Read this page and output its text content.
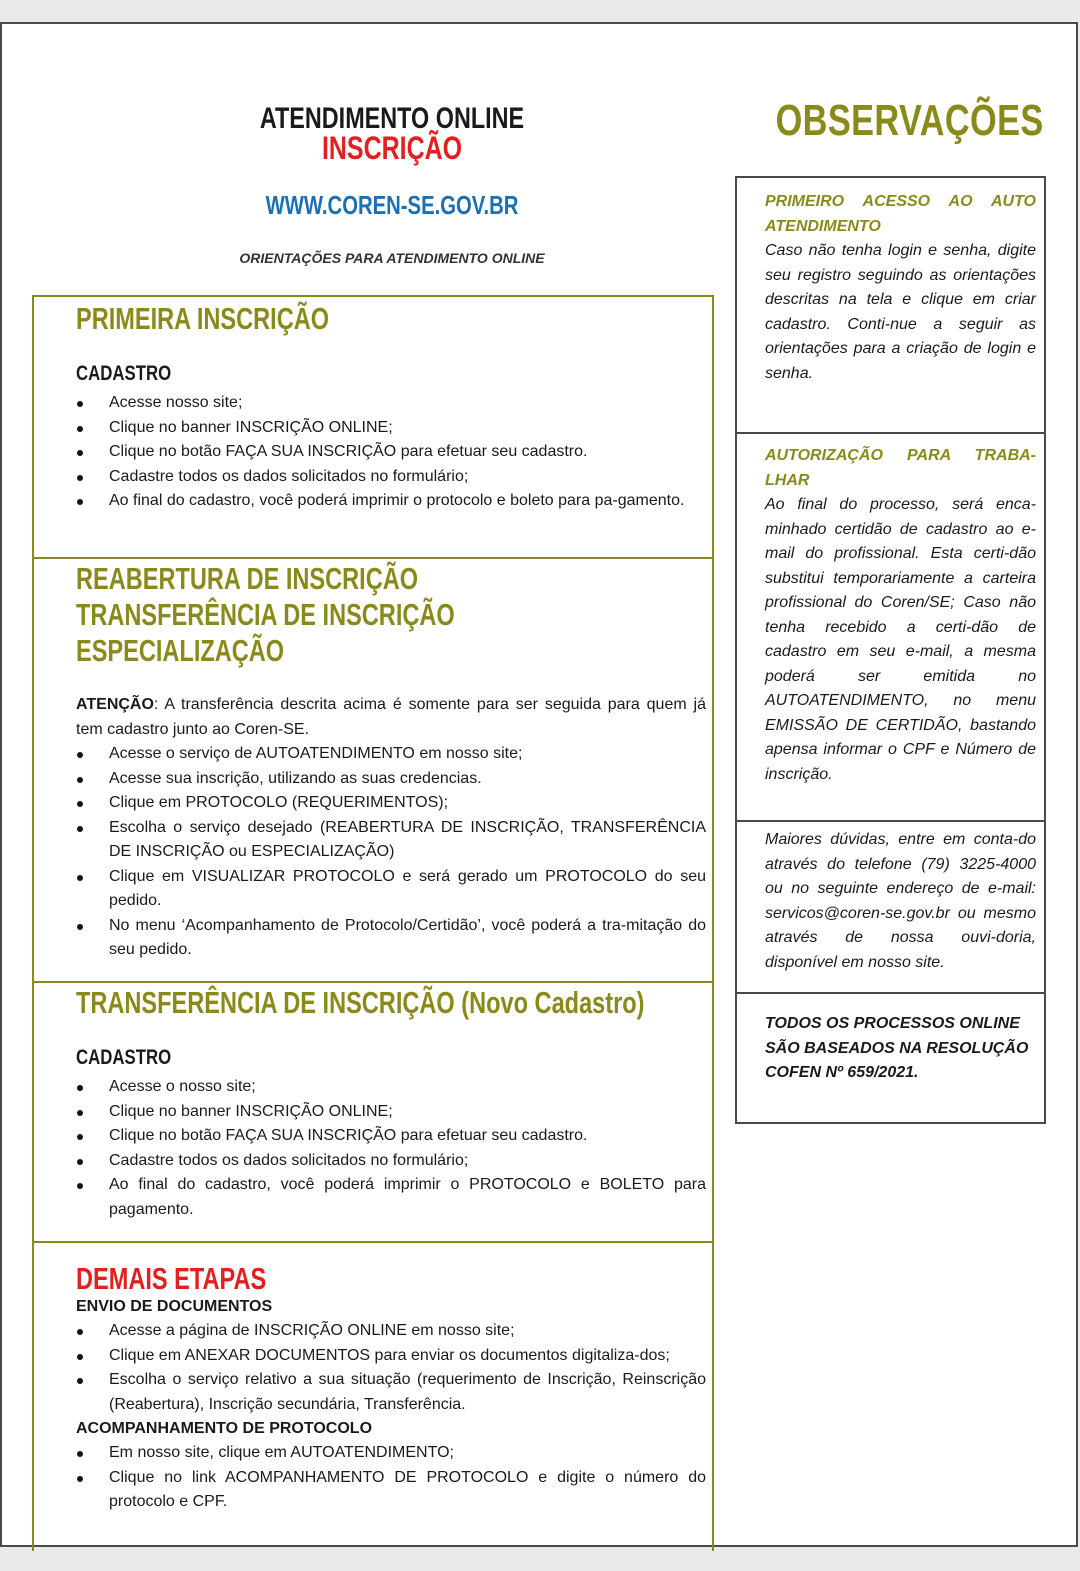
ATENDIMENTO ONLINE
INSCRIÇÃO
WWW.COREN-SE.GOV.BR
ORIENTAÇÕES PARA ATENDIMENTO ONLINE
OBSERVAÇÕES
PRIMEIRA INSCRIÇÃO
CADASTRO
Acesse nosso site;
Clique no banner INSCRIÇÃO ONLINE;
Clique no botão FAÇA SUA INSCRIÇÃO para efetuar seu cadastro.
Cadastre todos os dados solicitados no formulário;
Ao final do cadastro, você poderá imprimir o protocolo e boleto para pa-gamento.
REABERTURA DE INSCRIÇÃO
TRANSFERÊNCIA DE INSCRIÇÃO
ESPECIALIZAÇÃO
ATENÇÃO: A transferência descrita acima é somente para ser seguida para quem já tem cadastro junto ao Coren-SE.
Acesse o serviço de AUTOATENDIMENTO em nosso site;
Acesse sua inscrição, utilizando as suas credencias.
Clique em PROTOCOLO (REQUERIMENTOS);
Escolha o serviço desejado (REABERTURA DE INSCRIÇÃO, TRANSFERÊNCIA DE INSCRIÇÃO ou ESPECIALIZAÇÃO)
Clique em VISUALIZAR PROTOCOLO e será gerado um PROTOCOLO do seu pedido.
No menu ‘Acompanhamento de Protocolo/Certidão’, você poderá a tra-mitação do seu pedido.
TRANSFERÊNCIA DE INSCRIÇÃO (Novo Cadastro)
CADASTRO
Acesse o nosso site;
Clique no banner INSCRIÇÃO ONLINE;
Clique no botão FAÇA SUA INSCRIÇÃO para efetuar seu cadastro.
Cadastre todos os dados solicitados no formulário;
Ao final do cadastro, você poderá imprimir o PROTOCOLO e BOLETO para pagamento.
DEMAIS ETAPAS
ENVIO DE DOCUMENTOS
Acesse a página de INSCRIÇÃO ONLINE em nosso site;
Clique em ANEXAR DOCUMENTOS para enviar os documentos digitaliza-dos;
Escolha o serviço relativo a sua situação (requerimento de Inscrição, Reinscrição (Reabertura), Inscrição secundária, Transferência.
ACOMPANHAMENTO DE PROTOCOLO
Em nosso site, clique em AUTOATENDIMENTO;
Clique no link ACOMPANHAMENTO DE PROTOCOLO e digite o número do protocolo e CPF.
PRIMEIRO ACESSO AO AUTO ATENDIMENTO
Caso não tenha login e senha, digite seu registro seguindo as orientações descritas na tela e clique em criar cadastro. Conti-nue a seguir as orientações para a criação de login e senha.
AUTORIZAÇÃO PARA TRABA-LHAR
Ao final do processo, será enca-minhado certidão de cadastro ao e-mail do profissional. Esta certi-dão substitui temporariamente a carteira profissional do Coren/SE; Caso não tenha recebido a certi-dão de cadastro em seu e-mail, a mesma poderá ser emitida no AUTOATENDIMENTO, no menu EMISSÃO DE CERTIDÃO, bastando apensa informar o CPF e Número de inscrição.
Maiores dúvidas, entre em conta-do através do telefone (79) 3225-4000 ou no seguinte endereço de e-mail: servicos@coren-se.gov.br ou mesmo através de nossa ouvi-doria, disponível em nosso site.
TODOS OS PROCESSOS ONLINE SÃO BASEADOS NA RESOLUÇÃO COFEN Nº 659/2021.
